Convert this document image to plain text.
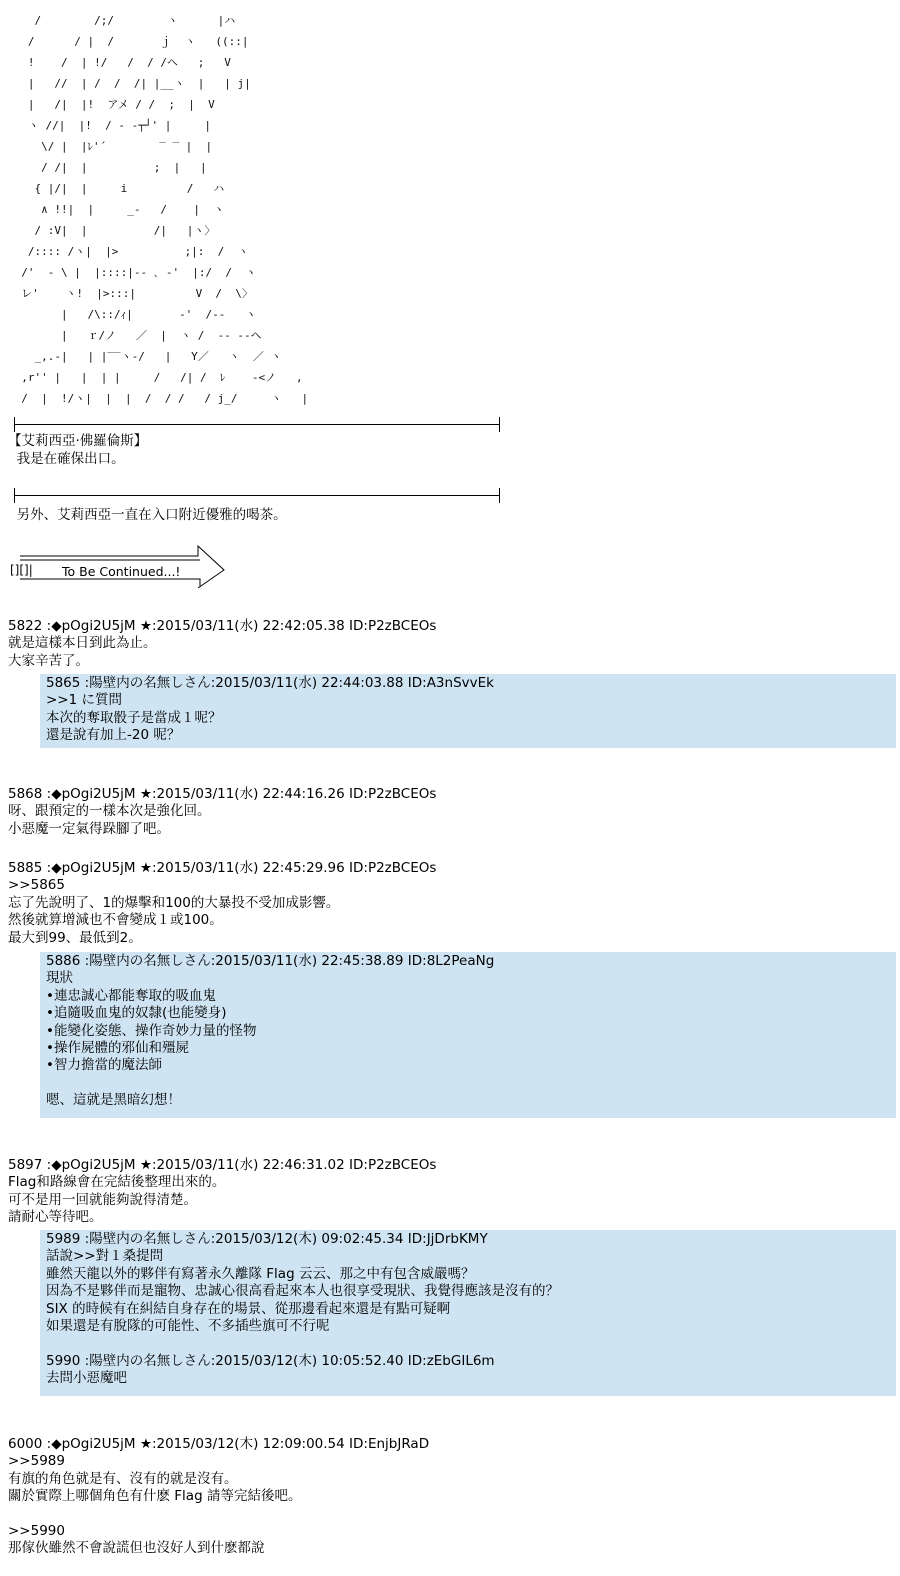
/        /;/        ヽ      |ハ
/      / |  /       ｊ  ヽ   ((::|
!    /  | !/   /  / /ヘ   ;   V
|   //  | /  /  /| |__ヽ  |   | j|
|   /|  |!  アメ / /  ;  |  V
ヽ //|  |!  / ‐ -┬┘' |     |
\/ |  |ﾚ'´        ‾ ‾ |  |
/ /|  |          ;  |   |
{ |/|  |     i         /   ハ
∧ !!|  |     _-   /    |  ヽ
/ :V|  |          /|   |ヽ〉
/:::: /ヽ|  |>          ;|:  /  ヽ
/'  ‐ \ |  |::::|‐- ､ ‐'  |:/  /  ヽ
レ'    ヽ!  |>:::|         V  /  \〉
|   /\::/ｨ|       ‐'  /‐‐   ヽ
|   ｒ/ノ   ／  |  ヽ /  ‐‐ ‐‐ヘ
_,.-|   | |‾‾ヽ‐/   |   Y／   ヽ  ／ ヽ
,r'' |   |  | |     /   /| /  ﾚ    -<ノ   ,
/  |  !/ヽ|  |  |  /  / /   / j_/     ヽ   |
【艾莉西亞‧佛羅倫斯】
我是在確保出口。
另外、艾莉西亞一直在入口附近優雅的喝茶。
[][]| To Be Continued...!
5822 :◆pOgi2U5jM ★:2015/03/11(水) 22:42:05.38 ID:P2zBCEOs
就是這樣本日到此為止。
大家辛苦了。
5865 :陽壁内の名無しさん:2015/03/11(水) 22:44:03.88 ID:A3nSvvEk
>>1 に質問
本次的奪取骰子是當成１呢？
還是說有加上-20 呢？
5868 :◆pOgi2U5jM ★:2015/03/11(水) 22:44:16.26 ID:P2zBCEOs
呀、跟預定的一樣本次是強化回。
小惡魔一定氣得跺腳了吧。
5885 :◆pOgi2U5jM ★:2015/03/11(水) 22:45:29.96 ID:P2zBCEOs
>>5865
忘了先說明了、1的爆擊和100的大暴投不受加成影響。
然後就算增減也不會變成１或100。
最大到99、最低到2。
5886 :陽壁内の名無しさん:2015/03/11(水) 22:45:38.89 ID:8L2PeaNg
現狀
•連忠誠心都能奪取的吸血鬼
•追隨吸血鬼的奴隸(也能變身)
•能變化姿態、操作奇妙力量的怪物
•操作屍體的邪仙和殭屍
•智力擔當的魔法師
嗯、這就是黑暗幻想！
5897 :◆pOgi2U5jM ★:2015/03/11(水) 22:46:31.02 ID:P2zBCEOs
Flag和路線會在完結後整理出來的。
可不是用一回就能夠說得清楚。
請耐心等待吧。
5989 :陽壁内の名無しさん:2015/03/12(木) 09:02:45.34 ID:JjDrbKMY
話說>>對１桑提問
雖然天龍以外的夥伴有寫著永久離隊 Flag 云云、那之中有包含威嚴嗎？
因為不是夥伴而是寵物、忠誠心很高看起來本人也很享受現狀、我覺得應該是沒有的？
SIX 的時候有在糾結自身存在的場景、從那邊看起來還是有點可疑啊
如果還是有脫隊的可能性、不多插些旗可不行呢
5990 :陽壁内の名無しさん:2015/03/12(木) 10:05:52.40 ID:zEbGIL6m
去問小惡魔吧
6000 :◆pOgi2U5jM ★:2015/03/12(木) 12:09:00.54 ID:EnjbJRaD
>>5989
有旗的角色就是有、沒有的就是沒有。
關於實際上哪個角色有什麽 Flag 請等完結後吧。
>>5990
那傢伙雖然不會說謊但也沒好人到什麽都說
